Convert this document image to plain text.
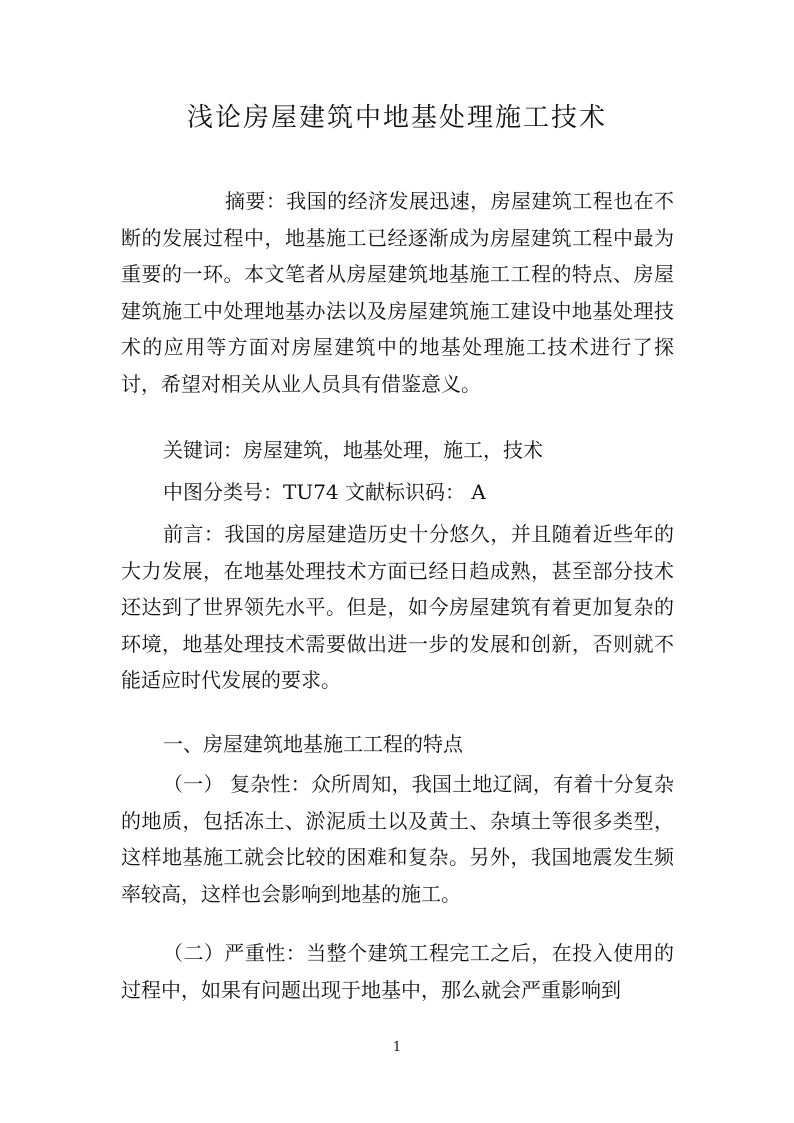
浅论房屋建筑中地基处理施工技术

摘要：我国的经济发展迅速，房屋建筑工程也在不断的发展过程中，地基施工已经逐渐成为房屋建筑工程中最为重要的一环。本文笔者从房屋建筑地基施工工程的特点、房屋建筑施工中处理地基办法以及房屋建筑施工建设中地基处理技术的应用等方面对房屋建筑中的地基处理施工技术进行了探讨，希望对相关从业人员具有借鉴意义。

关键词：房屋建筑，地基处理，施工，技术

中图分类号：TU74 文献标识码： A

前言：我国的房屋建造历史十分悠久，并且随着近些年的大力发展，在地基处理技术方面已经日趋成熟，甚至部分技术还达到了世界领先水平。但是，如今房屋建筑有着更加复杂的环境，地基处理技术需要做出进一步的发展和创新，否则就不能适应时代发展的要求。

一、房屋建筑地基施工工程的特点

（一） 复杂性：众所周知，我国土地辽阔，有着十分复杂的地质，包括冻土、淤泥质土以及黄土、杂填土等很多类型，这样地基施工就会比较的困难和复杂。另外，我国地震发生频率较高，这样也会影响到地基的施工。

（二）严重性：当整个建筑工程完工之后，在投入使用的过程中，如果有问题出现于地基中，那么就会严重影响到

1
